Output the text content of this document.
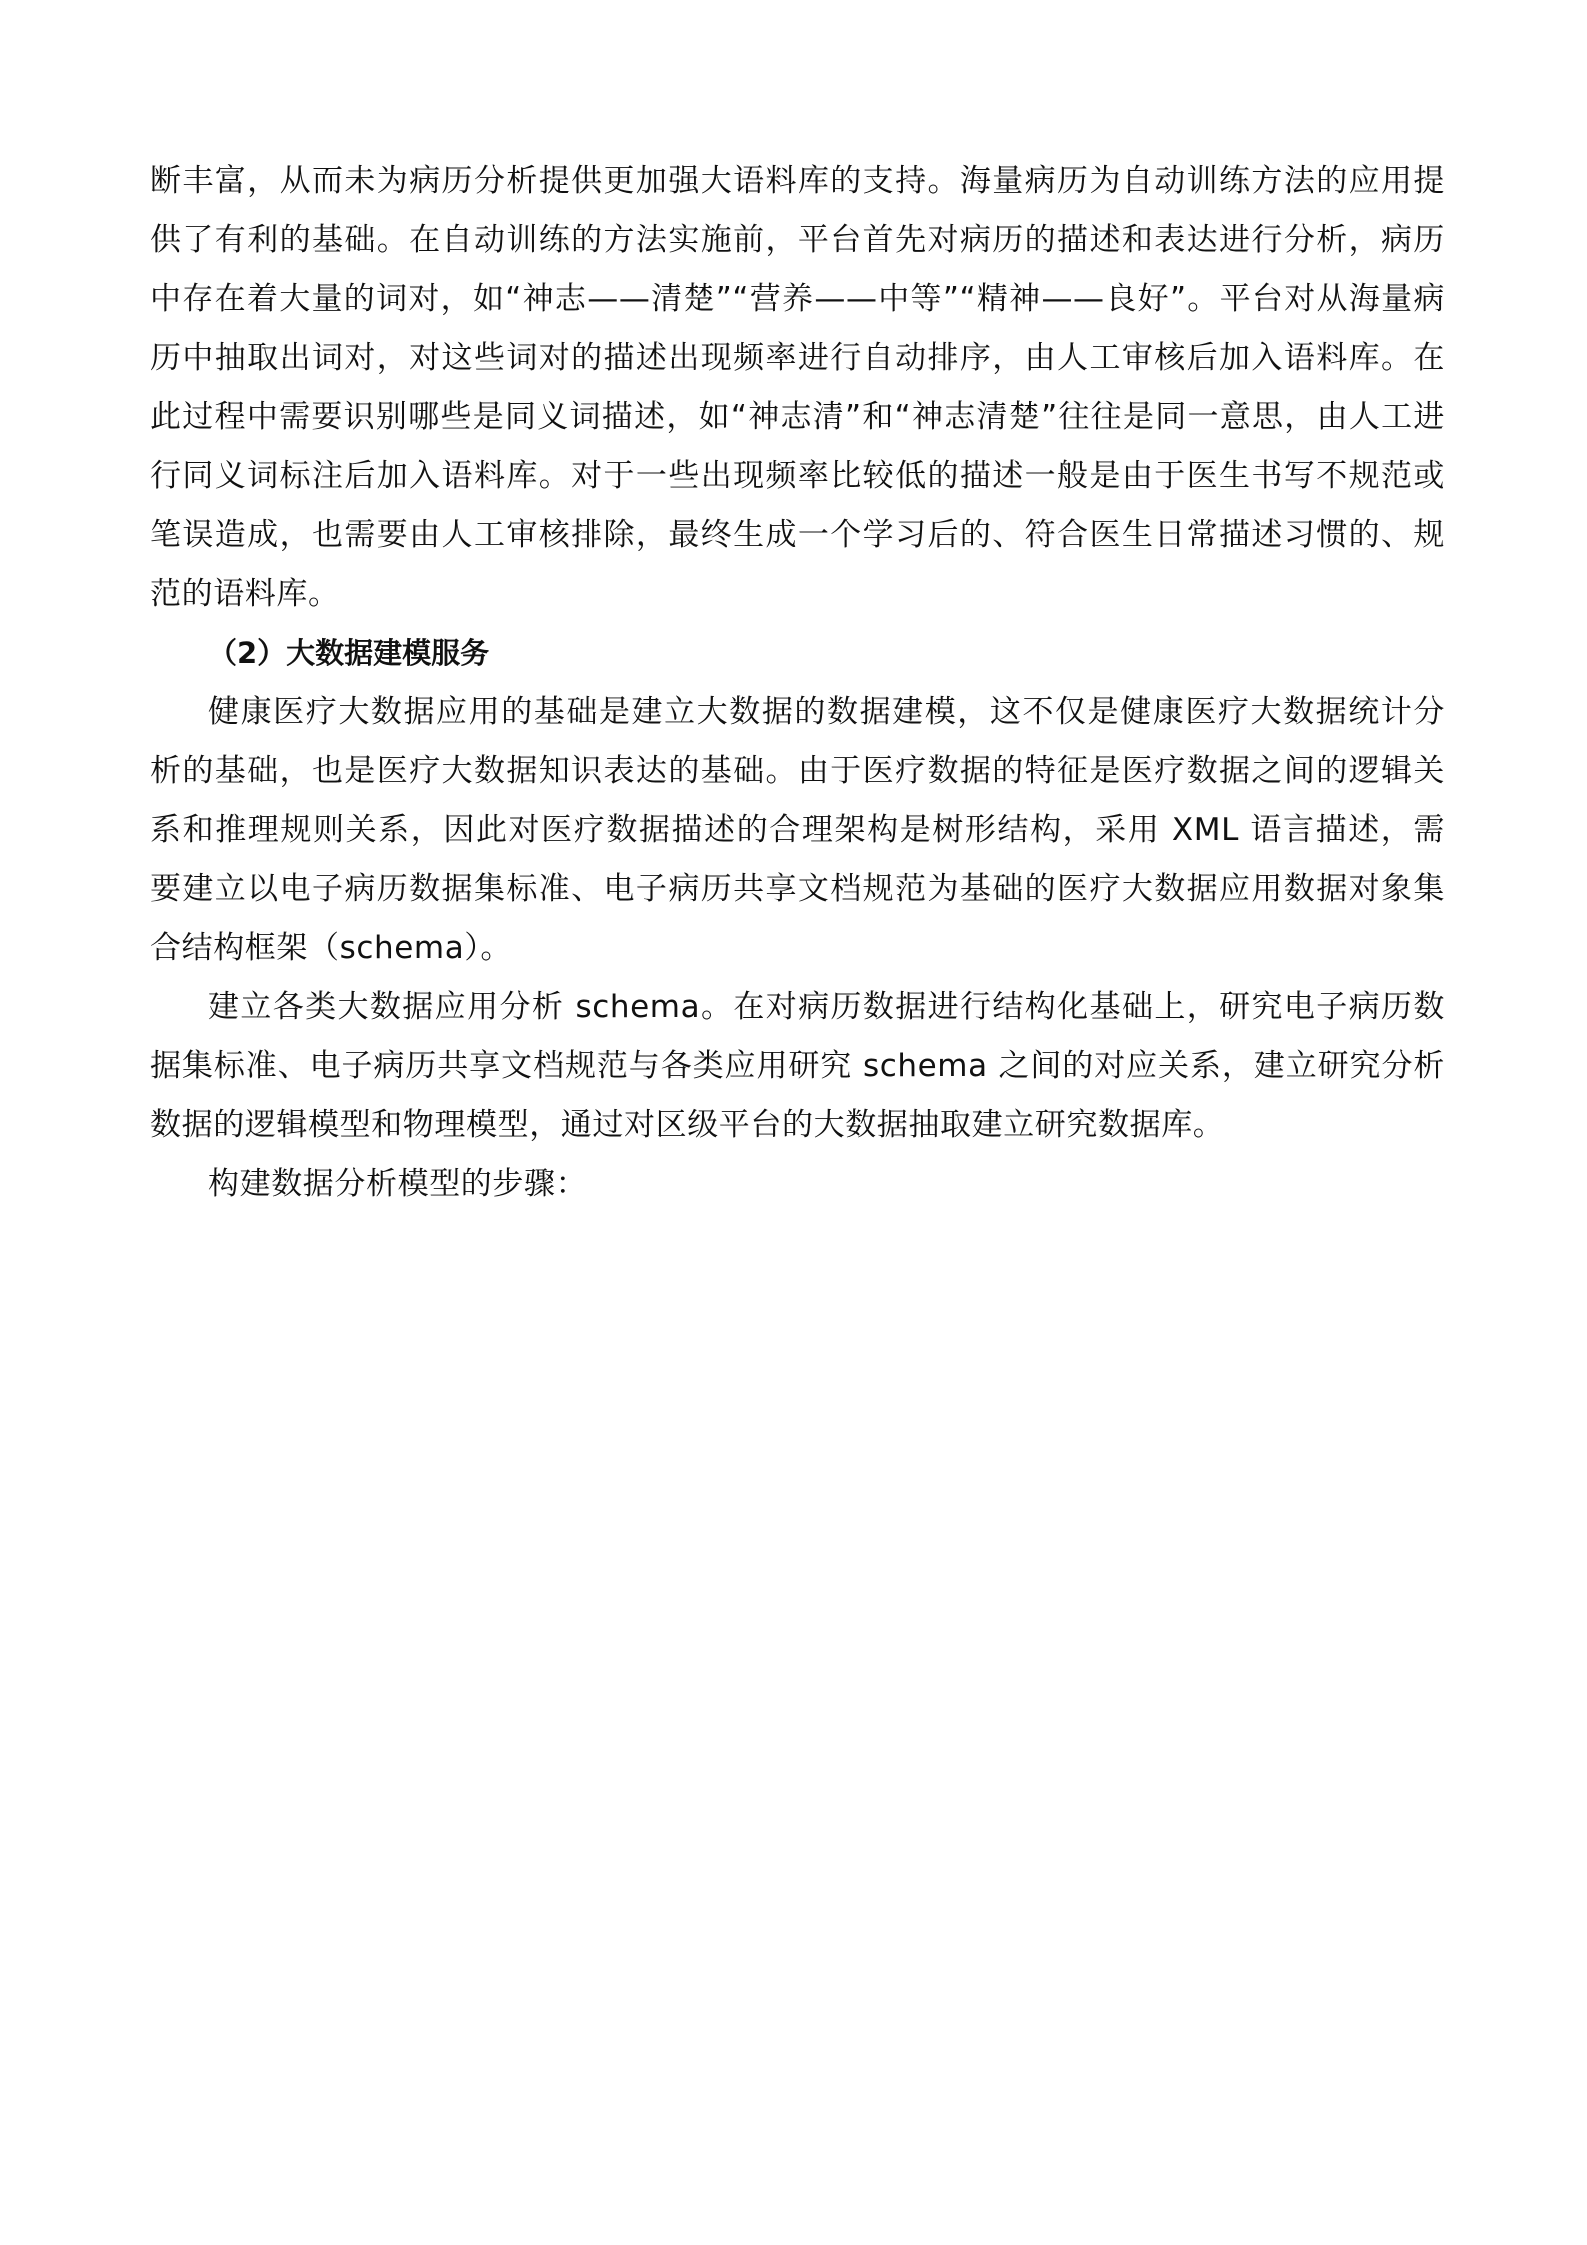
断丰富，从而未为病历分析提供更加强大语料库的支持。海量病历为自动训练方法的应用提
供了有利的基础。在自动训练的方法实施前，平台首先对病历的描述和表达进行分析，病历
中存在着大量的词对，如“神志——清楚”“营养——中等”“精神——良好”。平台对从海量病
历中抽取出词对，对这些词对的描述出现频率进行自动排序，由人工审核后加入语料库。在
此过程中需要识别哪些是同义词描述，如“神志清”和“神志清楚”往往是同一意思，由人工进
行同义词标注后加入语料库。对于一些出现频率比较低的描述一般是由于医生书写不规范或
笔误造成，也需要由人工审核排除，最终生成一个学习后的、符合医生日常描述习惯的、规
范的语料库。
（2）大数据建模服务
健康医疗大数据应用的基础是建立大数据的数据建模，这不仅是健康医疗大数据统计分
析的基础，也是医疗大数据知识表达的基础。由于医疗数据的特征是医疗数据之间的逻辑关
系和推理规则关系，因此对医疗数据描述的合理架构是树形结构，采用 XML 语言描述，需
要建立以电子病历数据集标准、电子病历共享文档规范为基础的医疗大数据应用数据对象集
合结构框架（schema）。
建立各类大数据应用分析 schema。在对病历数据进行结构化基础上，研究电子病历数
据集标准、电子病历共享文档规范与各类应用研究 schema 之间的对应关系，建立研究分析
数据的逻辑模型和物理模型，通过对区级平台的大数据抽取建立研究数据库。
构建数据分析模型的步骤：
